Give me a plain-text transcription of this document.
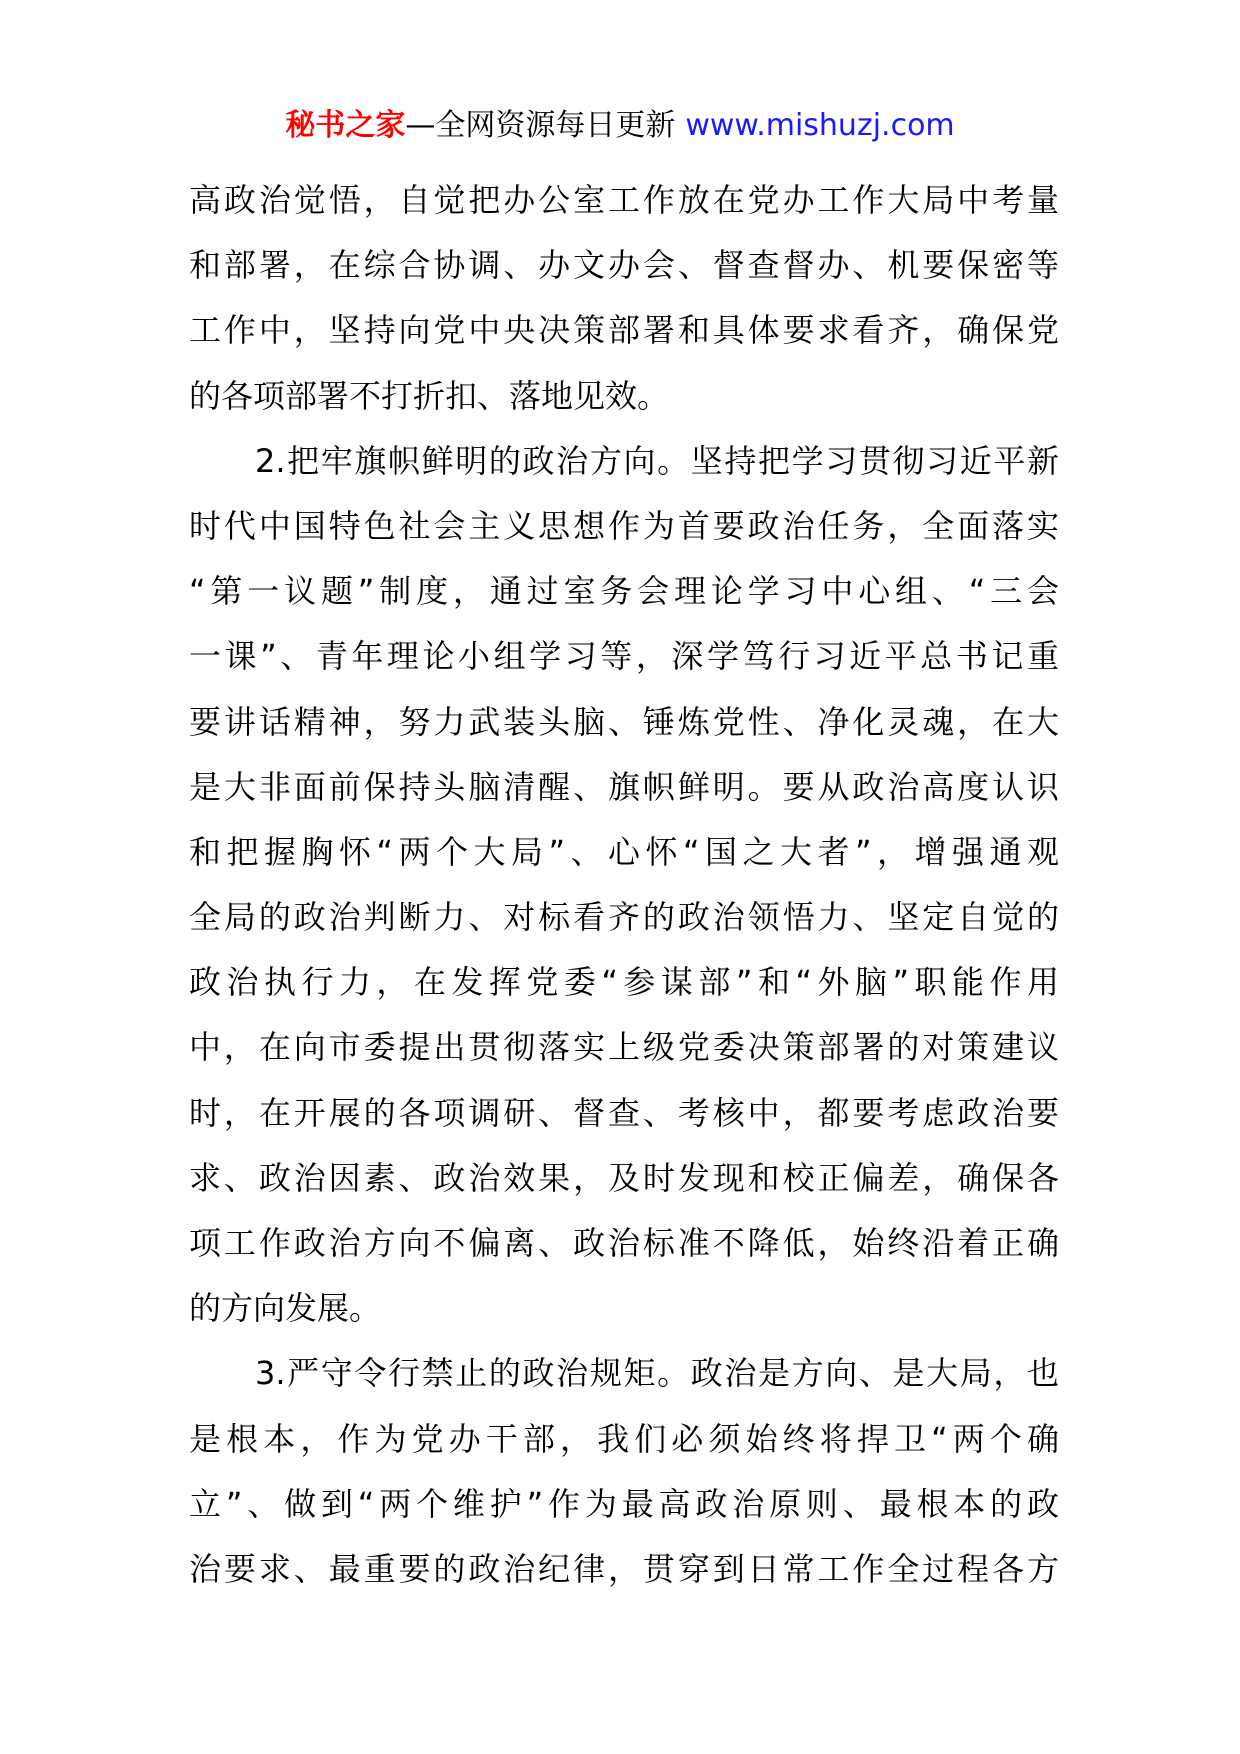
秘书之家—全网资源每日更新 www.mishuzj.com
高政治觉悟，自觉把办公室工作放在党办工作大局中考量
和部署，在综合协调、办文办会、督查督办、机要保密等
工作中，坚持向党中央决策部署和具体要求看齐，确保党
的各项部署不打折扣、落地见效。
2.把牢旗帜鲜明的政治方向。坚持把学习贯彻习近平新
时代中国特色社会主义思想作为首要政治任务，全面落实
“第一议题”制度，通过室务会理论学习中心组、“三会
一课”、青年理论小组学习等，深学笃行习近平总书记重
要讲话精神，努力武装头脑、锤炼党性、净化灵魂，在大
是大非面前保持头脑清醒、旗帜鲜明。要从政治高度认识
和把握胸怀“两个大局”、心怀“国之大者”，增强通观
全局的政治判断力、对标看齐的政治领悟力、坚定自觉的
政治执行力，在发挥党委“参谋部”和“外脑”职能作用
中，在向市委提出贯彻落实上级党委决策部署的对策建议
时，在开展的各项调研、督查、考核中，都要考虑政治要
求、政治因素、政治效果，及时发现和校正偏差，确保各
项工作政治方向不偏离、政治标准不降低，始终沿着正确
的方向发展。
3.严守令行禁止的政治规矩。政治是方向、是大局，也
是根本，作为党办干部，我们必须始终将捍卫“两个确
立”、做到“两个维护”作为最高政治原则、最根本的政
治要求、最重要的政治纪律，贯穿到日常工作全过程各方
